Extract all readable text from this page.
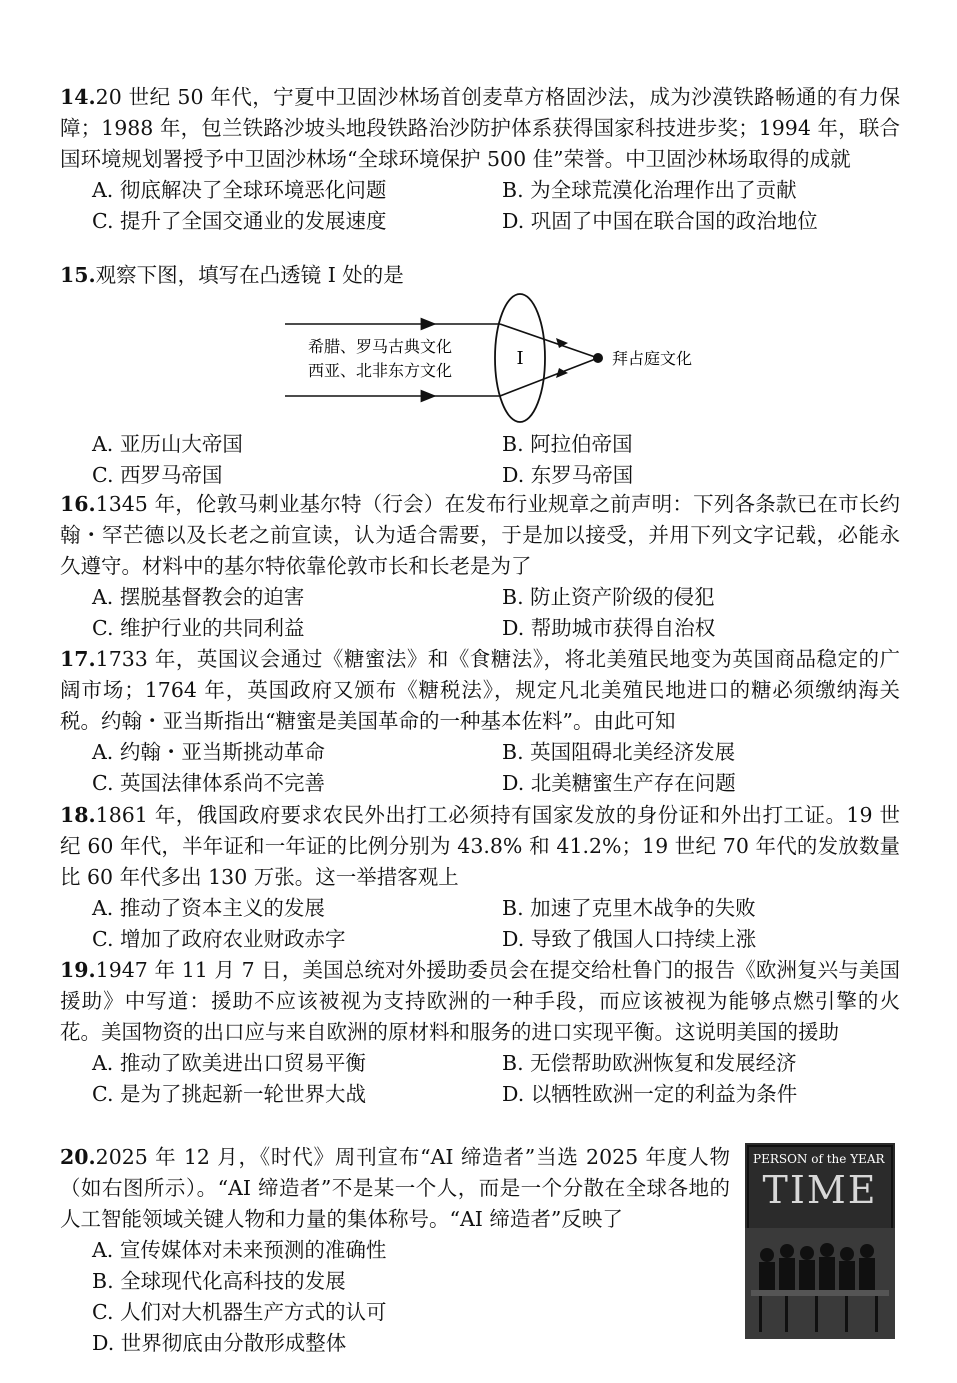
14.20 世纪 50 年代，宁夏中卫固沙林场首创麦草方格固沙法，成为沙漠铁路畅通的有力保障；1988 年，包兰铁路沙坡头地段铁路治沙防护体系获得国家科技进步奖；1994 年，联合国环境规划署授予中卫固沙林场“全球环境保护 500 佳”荣誉。中卫固沙林场取得的成就

A. 彻底解决了全球环境恶化问题	B. 为全球荒漠化治理作出了贡献
C. 提升了全国交通业的发展速度	D. 巩固了中国在联合国的政治地位

15.观察下图，填写在凸透镜 I 处的是

希腊、罗马古典文化
西亚、北非东方文化
I	拜占庭文化
A. 亚历山大帝国	B. 阿拉伯帝国
C. 西罗马帝国	D. 东罗马帝国

16.1345 年，伦敦马刺业基尔特（行会）在发布行业规章之前声明：下列各条款已在市长约翰・罕芒德以及长老之前宣读，认为适合需要，于是加以接受，并用下列文字记载，必能永久遵守。材料中的基尔特依靠伦敦市长和长老是为了

A. 摆脱基督教会的迫害	B. 防止资产阶级的侵犯
C. 维护行业的共同利益	D. 帮助城市获得自治权

17.1733 年，英国议会通过《糖蜜法》和《食糖法》，将北美殖民地变为英国商品稳定的广阔市场；1764 年，英国政府又颁布《糖税法》，规定凡北美殖民地进口的糖必须缴纳海关税。约翰・亚当斯指出“糖蜜是美国革命的一种基本佐料”。由此可知

A. 约翰・亚当斯挑动革命	B. 英国阻碍北美经济发展
C. 英国法律体系尚不完善	D. 北美糖蜜生产存在问题

18.1861 年，俄国政府要求农民外出打工必须持有国家发放的身份证和外出打工证。19 世纪 60 年代，半年证和一年证的比例分别为 43.8% 和 41.2%；19 世纪 70 年代的发放数量比 60 年代多出 130 万张。这一举措客观上

A. 推动了资本主义的发展	B. 加速了克里木战争的失败
C. 增加了政府农业财政赤字	D. 导致了俄国人口持续上涨

19.1947 年 11 月 7 日，美国总统对外援助委员会在提交给杜鲁门的报告《欧洲复兴与美国援助》中写道：援助不应该被视为支持欧洲的一种手段，而应该被视为能够点燃引擎的火花。美国物资的出口应与来自欧洲的原材料和服务的进口实现平衡。这说明美国的援助

A. 推动了欧美进出口贸易平衡	B. 无偿帮助欧洲恢复和发展经济
C. 是为了挑起新一轮世界大战	D. 以牺牲欧洲一定的利益为条件

20.2025 年 12 月，《时代》周刊宣布“AI 缔造者”当选 2025 年度人物（如右图所示）。“AI 缔造者”不是某一个人，而是一个分散在全球各地的人工智能领域关键人物和力量的集体称号。“AI 缔造者”反映了

A. 宣传媒体对未来预测的准确性
B. 全球现代化高科技的发展
C. 人们对大机器生产方式的认可
D. 世界彻底由分散形成整体
PERSON of the YEAR
TIME
